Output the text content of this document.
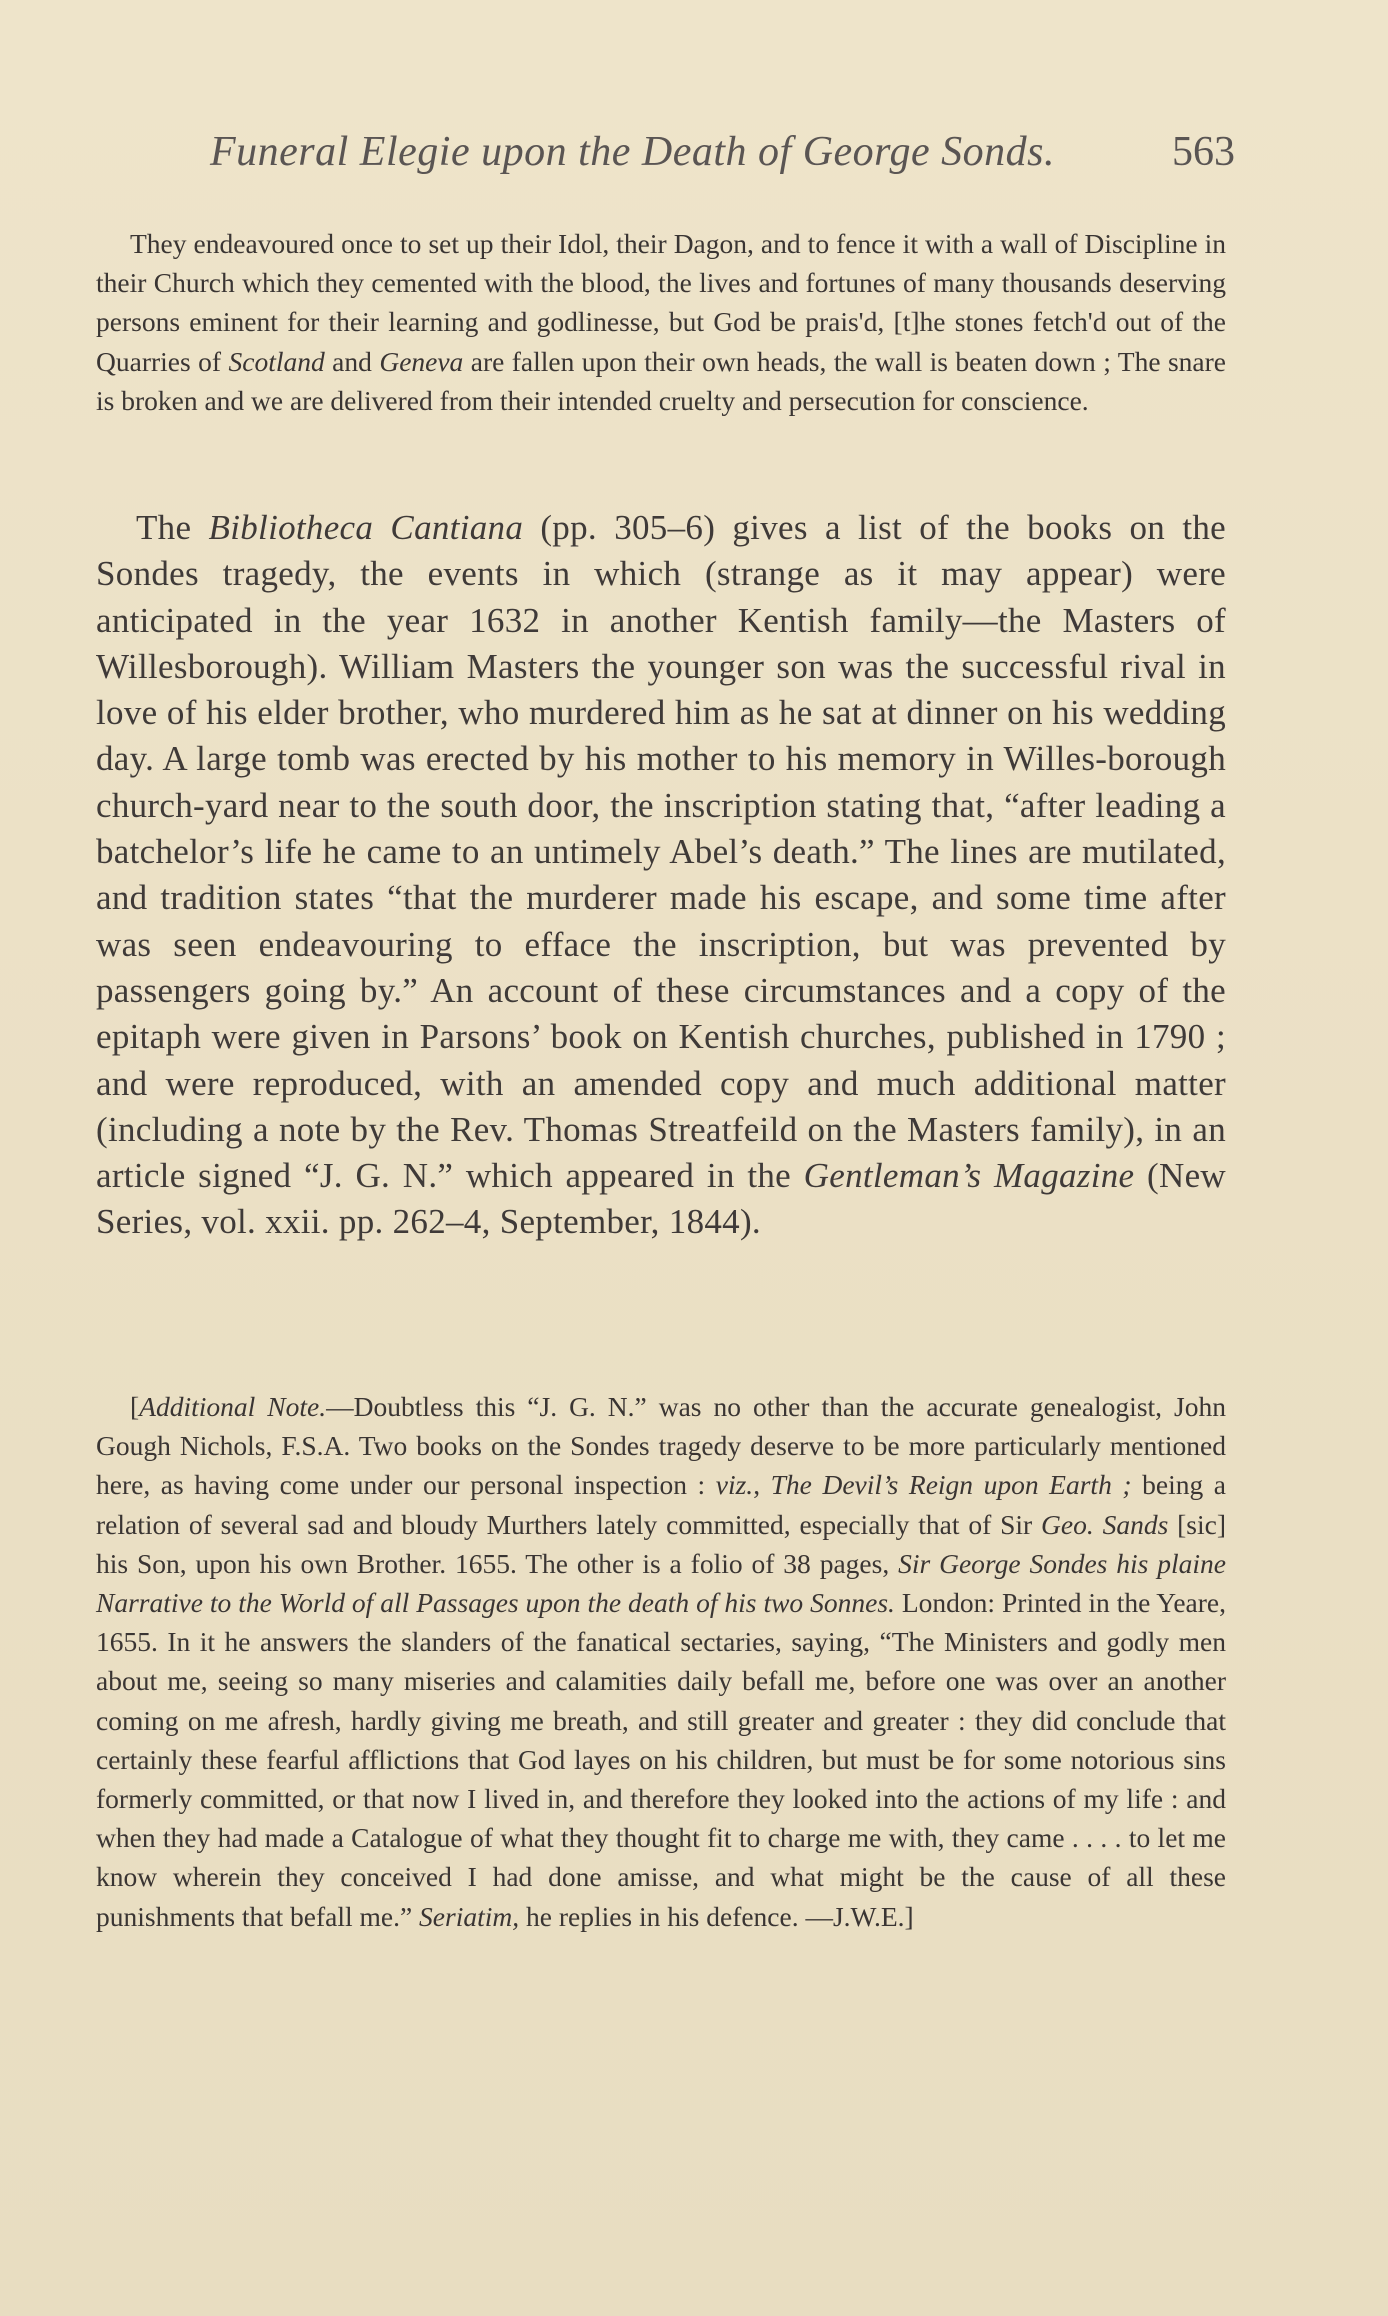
Funeral Elegie upon the Death of George Sonds.	563

They endeavoured once to set up their Idol, their Dagon, and to fence it with a wall of Discipline in their Church which they cemented with the blood, the lives and fortunes of many thousands deserving persons eminent for their learning and godlinesse, but God be prais'd, [t]he stones fetch'd out of the Quarries of Scotland and Geneva are fallen upon their own heads, the wall is beaten down ; The snare is broken and we are delivered from their intended cruelty and persecution for conscience.

The Bibliotheca Cantiana (pp. 305–6) gives a list of the books on the Sondes tragedy, the events in which (strange as it may appear) were anticipated in the year 1632 in another Kentish family—the Masters of Willesborough). William Masters the younger son was the successful rival in love of his elder brother, who murdered him as he sat at dinner on his wedding day. A large tomb was erected by his mother to his memory in Willes-borough church-yard near to the south door, the inscription stating that, “after leading a batchelor’s life he came to an untimely Abel’s death.” The lines are mutilated, and tradition states “that the murderer made his escape, and some time after was seen endeavouring to efface the inscription, but was prevented by passengers going by.” An account of these circumstances and a copy of the epitaph were given in Parsons’ book on Kentish churches, published in 1790 ; and were reproduced, with an amended copy and much additional matter (including a note by the Rev. Thomas Streatfeild on the Masters family), in an article signed “J. G. N.” which appeared in the Gentleman’s Magazine (New Series, vol. xxii. pp. 262–4, September, 1844).

[Additional Note.—Doubtless this “J. G. N.” was no other than the accurate genealogist, John Gough Nichols, F.S.A. Two books on the Sondes tragedy deserve to be more particularly mentioned here, as having come under our personal inspection : viz., The Devil’s Reign upon Earth ; being a relation of several sad and bloudy Murthers lately committed, especially that of Sir Geo. Sands [sic] his Son, upon his own Brother. 1655. The other is a folio of 38 pages, Sir George Sondes his plaine Narrative to the World of all Passages upon the death of his two Sonnes. London: Printed in the Yeare, 1655. In it he answers the slanders of the fanatical sectaries, saying, “The Ministers and godly men about me, seeing so many miseries and calamities daily befall me, before one was over an another coming on me afresh, hardly giving me breath, and still greater and greater : they did conclude that certainly these fearful afflictions that God layes on his children, but must be for some notorious sins formerly committed, or that now I lived in, and therefore they looked into the actions of my life : and when they had made a Catalogue of what they thought fit to charge me with, they came . . . . to let me know wherein they conceived I had done amisse, and what might be the cause of all these punishments that befall me.” Seriatim, he replies in his defence. —J.W.E.]
